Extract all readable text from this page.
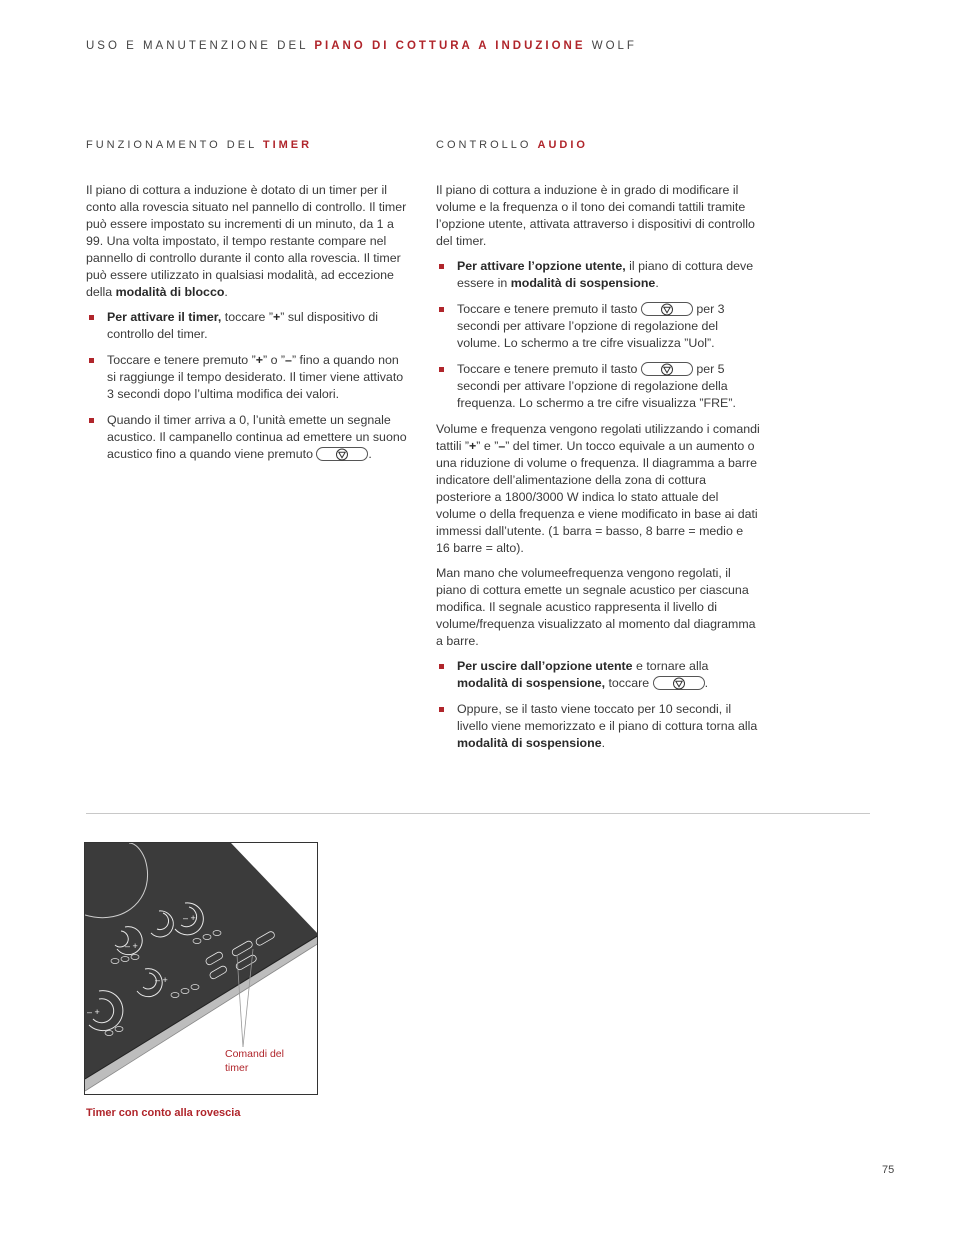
USO E MANUTENZIONE DEL PIANO DI COTTURA A INDUZIONE WOLF
FUNZIONAMENTO DEL TIMER

Il piano di cottura a induzione è dotato di un timer per il conto alla rovescia situato nel pannello di controllo. Il timer può essere impostato su incrementi di un minuto, da 1 a 99. Una volta impostato, il tempo restante compare nel pannello di controllo durante il conto alla rovescia. Il timer può essere utilizzato in qualsiasi modalità, ad eccezione della modalità di blocco.

Per attivare il timer, toccare ”+” sul dispositivo di controllo del timer.
Toccare e tenere premuto ”+” o ”–” fino a quando non si raggiunge il tempo desiderato. Il timer viene attivato 3 secondi dopo l’ultima modifica dei valori.
Quando il timer arriva a 0, l’unità emette un segnale acustico. Il campanello continua ad emettere un suono acustico fino a quando viene premuto	.
CONTROLLO AUDIO

Il piano di cottura a induzione è in grado di modificare il volume e la frequenza o il tono dei comandi tattili tramite l’opzione utente, attivata attraverso i dispositivi di controllo del timer.

Per attivare l’opzione utente, il piano di cottura deve essere in modalità di sospensione.
Toccare e tenere premuto il tasto	per 3 secondi per attivare l’opzione di regolazione del volume. Lo schermo a tre cifre visualizza ”Uol”.
Toccare e tenere premuto il tasto	per 5 secondi per attivare l’opzione di regolazione della frequenza. Lo schermo a tre cifre visualizza ”FRE”.

Volume e frequenza vengono regolati utilizzando i comandi tattili ”+” e ”–” del timer. Un tocco equivale a un aumento o una riduzione di volume o frequenza. Il diagramma a barre indicatore dell’alimentazione della zona di cottura posteriore a 1800/3000 W indica lo stato attuale del volume o della frequenza e viene modificato in base ai dati immessi dall’utente. (1 barra = basso, 8 barre = medio e 16 barre = alto).

Man mano che volumeefrequenza vengono regolati, il piano di cottura emette un segnale acustico per ciascuna modifica. Il segnale acustico rappresenta il livello di volume/frequenza visualizzato al momento dal diagramma a barre.

Per uscire dall’opzione utente e tornare alla modalità di sospensione, toccare	.
Oppure, se il tasto viene toccato per 10 secondi, il livello viene memorizzato e il piano di cottura torna alla modalità di sospensione.
– +
– +
– +
– +
Comandi del
timer
Timer con conto alla rovescia
75
